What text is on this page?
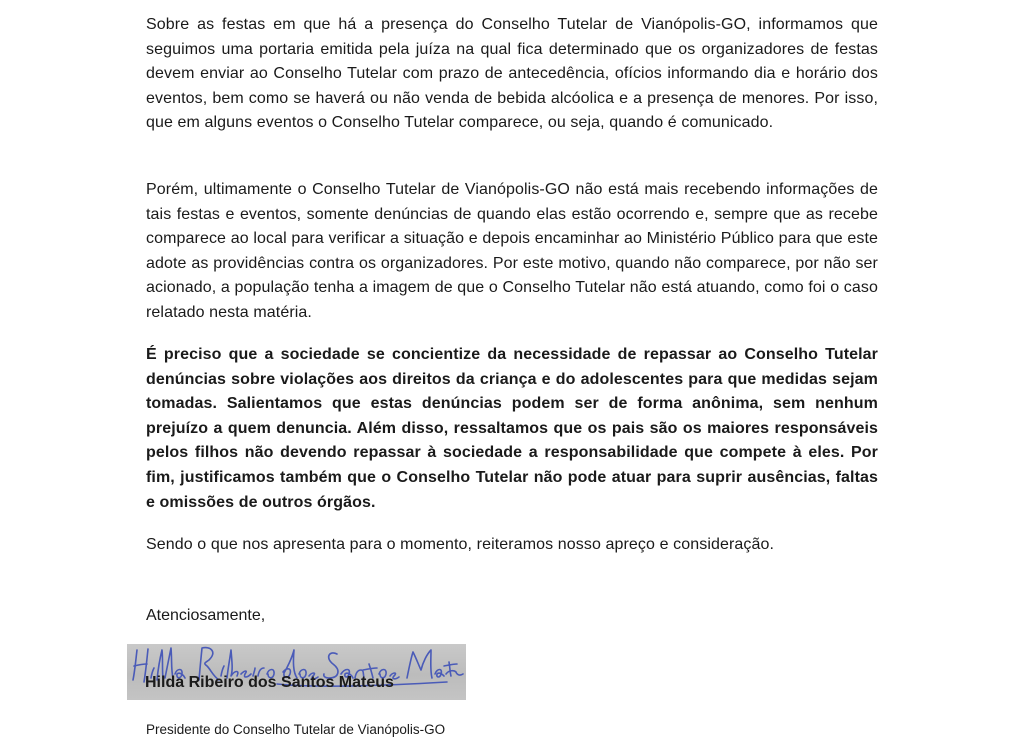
Sobre as festas em que há a presença do Conselho Tutelar de Vianópolis-GO, informamos que seguimos uma portaria emitida pela juíza na qual fica determinado que os organizadores de festas devem enviar ao Conselho Tutelar com prazo de antecedência, ofícios informando dia e horário dos eventos, bem como se haverá ou não venda de bebida alcóolica e a presença de menores. Por isso, que em alguns eventos o Conselho Tutelar comparece, ou seja, quando é comunicado.

Porém, ultimamente o Conselho Tutelar de Vianópolis-GO não está mais recebendo informações de tais festas e eventos, somente denúncias de quando elas estão ocorrendo e, sempre que as recebe comparece ao local para verificar a situação e depois encaminhar ao Ministério Público para que este adote as providências contra os organizadores. Por este motivo, quando não comparece, por não ser acionado, a população tenha a imagem de que o Conselho Tutelar não está atuando, como foi o caso relatado nesta matéria.

É preciso que a sociedade se concientize da necessidade de repassar ao Conselho Tutelar denúncias sobre violações aos direitos da criança e do adolescentes para que medidas sejam tomadas. Salientamos que estas denúncias podem ser de forma anônima, sem nenhum prejuízo a quem denuncia. Além disso, ressaltamos que os pais são os maiores responsáveis pelos filhos não devendo repassar à sociedade a responsabilidade que compete à eles. Por fim, justificamos também que o Conselho Tutelar não pode atuar para suprir ausências, faltas e omissões de outros órgãos.

Sendo o que nos apresenta para o momento, reiteramos nosso apreço e consideração.

Atenciosamente,

Hilda Ribeiro dos Santos Mateus

Presidente do Conselho Tutelar de Vianópolis-GO
